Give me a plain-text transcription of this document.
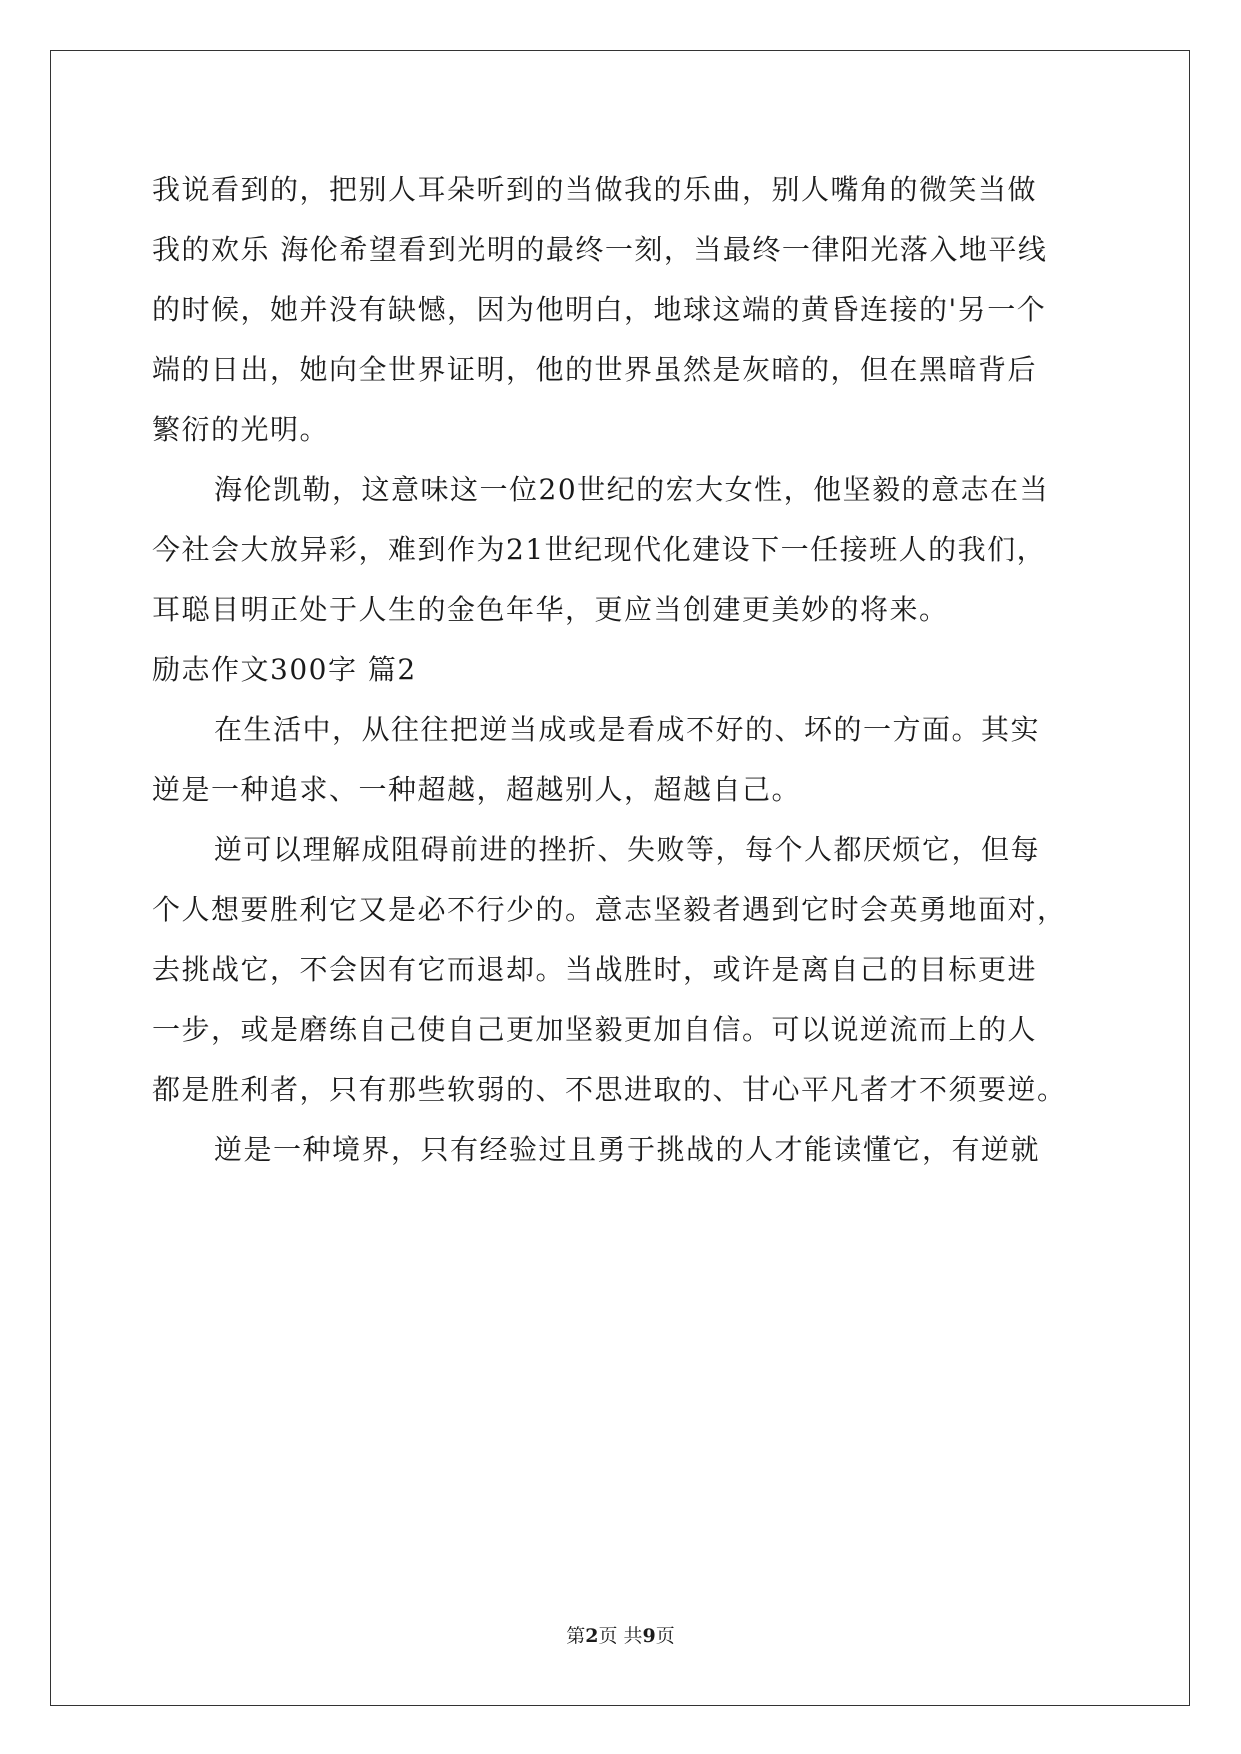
我说看到的，把别人耳朵听到的当做我的乐曲，别人嘴角的微笑当做
我的欢乐 海伦希望看到光明的最终一刻，当最终一律阳光落入地平线
的时候，她并没有缺憾，因为他明白，地球这端的黄昏连接的'另一个
端的日出，她向全世界证明，他的世界虽然是灰暗的，但在黑暗背后
繁衍的光明。
海伦凯勒，这意味这一位20世纪的宏大女性，他坚毅的意志在当
今社会大放异彩，难到作为21世纪现代化建设下一任接班人的我们，
耳聪目明正处于人生的金色年华，更应当创建更美妙的将来。
励志作文300字 篇2
在生活中，从往往把逆当成或是看成不好的、坏的一方面。其实
逆是一种追求、一种超越，超越别人，超越自己。
逆可以理解成阻碍前进的挫折、失败等，每个人都厌烦它，但每
个人想要胜利它又是必不行少的。意志坚毅者遇到它时会英勇地面对，
去挑战它，不会因有它而退却。当战胜时，或许是离自己的目标更进
一步，或是磨练自己使自己更加坚毅更加自信。可以说逆流而上的人
都是胜利者，只有那些软弱的、不思进取的、甘心平凡者才不须要逆。
逆是一种境界，只有经验过且勇于挑战的人才能读懂它，有逆就
第2页 共9页
